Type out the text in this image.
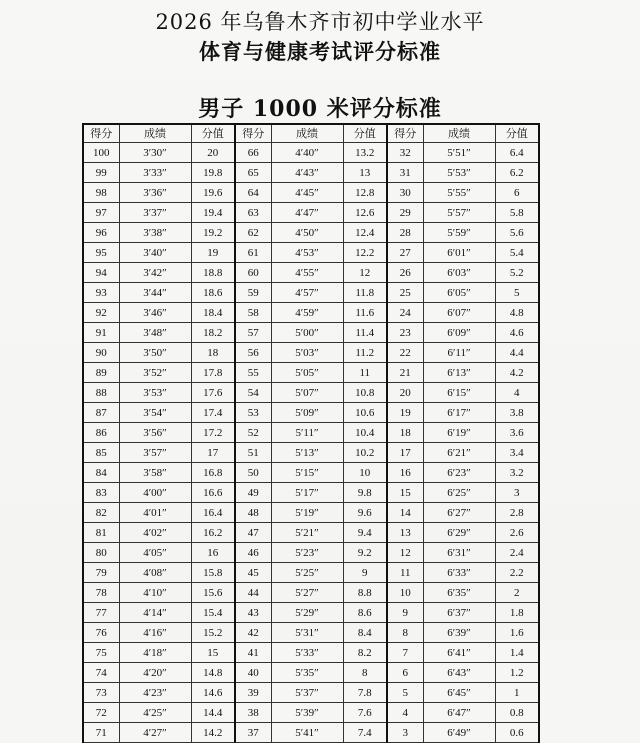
2026 年乌鲁木齐市初中学业水平
体育与健康考试评分标准
男子 1000 米评分标准
得分	成绩	分值	得分	成绩	分值	得分	成绩	分值
100	3′30″	20	66	4′40″	13.2	32	5′51″	6.4
99	3′33″	19.8	65	4′43″	13	31	5′53″	6.2
98	3′36″	19.6	64	4′45″	12.8	30	5′55″	6
97	3′37″	19.4	63	4′47″	12.6	29	5′57″	5.8
96	3′38″	19.2	62	4′50″	12.4	28	5′59″	5.6
95	3′40″	19	61	4′53″	12.2	27	6′01″	5.4
94	3′42″	18.8	60	4′55″	12	26	6′03″	5.2
93	3′44″	18.6	59	4′57″	11.8	25	6′05″	5
92	3′46″	18.4	58	4′59″	11.6	24	6′07″	4.8
91	3′48″	18.2	57	5′00″	11.4	23	6′09″	4.6
90	3′50″	18	56	5′03″	11.2	22	6′11″	4.4
89	3′52″	17.8	55	5′05″	11	21	6′13″	4.2
88	3′53″	17.6	54	5′07″	10.8	20	6′15″	4
87	3′54″	17.4	53	5′09″	10.6	19	6′17″	3.8
86	3′56″	17.2	52	5′11″	10.4	18	6′19″	3.6
85	3′57″	17	51	5′13″	10.2	17	6′21″	3.4
84	3′58″	16.8	50	5′15″	10	16	6′23″	3.2
83	4′00″	16.6	49	5′17″	9.8	15	6′25″	3
82	4′01″	16.4	48	5′19″	9.6	14	6′27″	2.8
81	4′02″	16.2	47	5′21″	9.4	13	6′29″	2.6
80	4′05″	16	46	5′23″	9.2	12	6′31″	2.4
79	4′08″	15.8	45	5′25″	9	11	6′33″	2.2
78	4′10″	15.6	44	5′27″	8.8	10	6′35″	2
77	4′14″	15.4	43	5′29″	8.6	9	6′37″	1.8
76	4′16″	15.2	42	5′31″	8.4	8	6′39″	1.6
75	4′18″	15	41	5′33″	8.2	7	6′41″	1.4
74	4′20″	14.8	40	5′35″	8	6	6′43″	1.2
73	4′23″	14.6	39	5′37″	7.8	5	6′45″	1
72	4′25″	14.4	38	5′39″	7.6	4	6′47″	0.8
71	4′27″	14.2	37	5′41″	7.4	3	6′49″	0.6
